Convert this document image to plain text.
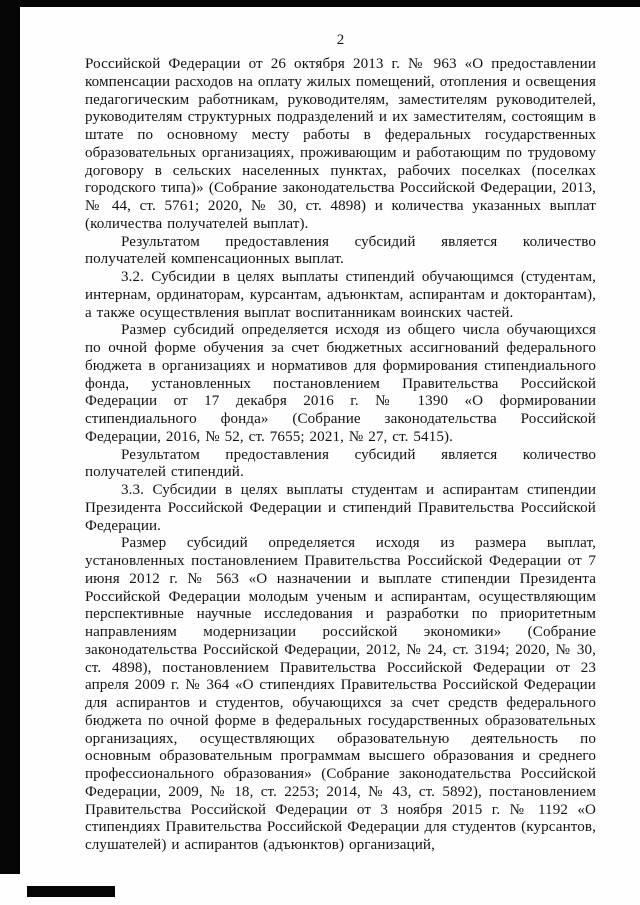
2

Российской Федерации от 26 октября 2013 г. № 963 «О предоставлении компенсации расходов на оплату жилых помещений, отопления и освещения педагогическим работникам, руководителям, заместителям руководителей, руководителям структурных подразделений и их заместителям, состоящим в штате по основному месту работы в федеральных государственных образовательных организациях, проживающим и работающим по трудовому договору в сельских населенных пунктах, рабочих поселках (поселках городского типа)» (Собрание законодательства Российской Федерации, 2013, № 44, ст. 5761; 2020, № 30, ст. 4898) и количества указанных выплат (количества получателей выплат).

Результатом предоставления субсидий является количество получателей компенсационных выплат.

3.2. Субсидии в целях выплаты стипендий обучающимся (студентам, интернам, ординаторам, курсантам, адъюнктам, аспирантам и докторантам), а также осуществления выплат воспитанникам воинских частей.

Размер субсидий определяется исходя из общего числа обучающихся по очной форме обучения за счет бюджетных ассигнований федерального бюджета в организациях и нормативов для формирования стипендиального фонда, установленных постановлением Правительства Российской Федерации от 17 декабря 2016 г. № 1390 «О формировании стипендиального фонда» (Собрание законодательства Российской Федерации, 2016, № 52, ст. 7655; 2021, № 27, ст. 5415).

Результатом предоставления субсидий является количество получателей стипендий.

3.3. Субсидии в целях выплаты студентам и аспирантам стипендии Президента Российской Федерации и стипендий Правительства Российской Федерации.

Размер субсидий определяется исходя из размера выплат, установленных постановлением Правительства Российской Федерации от 7 июня 2012 г. № 563 «О назначении и выплате стипендии Президента Российской Федерации молодым ученым и аспирантам, осуществляющим перспективные научные исследования и разработки по приоритетным направлениям модернизации российской экономики» (Собрание законодательства Российской Федерации, 2012, № 24, ст. 3194; 2020, № 30, ст. 4898), постановлением Правительства Российской Федерации от 23 апреля 2009 г. № 364 «О стипендиях Правительства Российской Федерации для аспирантов и студентов, обучающихся за счет средств федерального бюджета по очной форме в федеральных государственных образовательных организациях, осуществляющих образовательную деятельность по основным образовательным программам высшего образования и среднего профессионального образования» (Собрание законодательства Российской Федерации, 2009, № 18, ст. 2253; 2014, № 43, ст. 5892), постановлением Правительства Российской Федерации от 3 ноября 2015 г. № 1192 «О стипендиях Правительства Российской Федерации для студентов (курсантов, слушателей) и аспирантов (адъюнктов) организаций,
